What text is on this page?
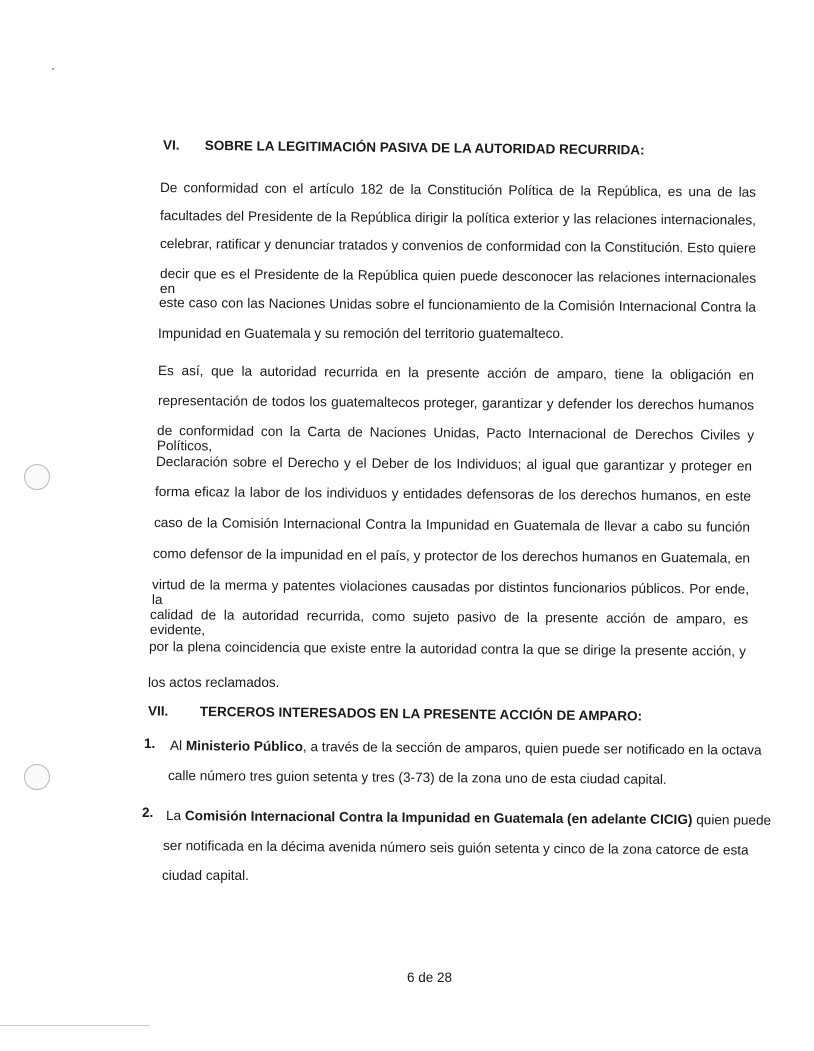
VI. SOBRE LA LEGITIMACIÓN PASIVA DE LA AUTORIDAD RECURRIDA:
De conformidad con el artículo 182 de la Constitución Política de la República, es una de las
facultades del Presidente de la República dirigir la política exterior y las relaciones internacionales,
celebrar, ratificar y denunciar tratados y convenios de conformidad con la Constitución. Esto quiere
decir que es el Presidente de la República quien puede desconocer las relaciones internacionales en
este caso con las Naciones Unidas sobre el funcionamiento de la Comisión Internacional Contra la
Impunidad en Guatemala y su remoción del territorio guatemalteco.
Es así, que la autoridad recurrida en la presente acción de amparo, tiene la obligación en
representación de todos los guatemaltecos proteger, garantizar y defender los derechos humanos
de conformidad con la Carta de Naciones Unidas, Pacto Internacional de Derechos Civiles y Políticos,
Declaración sobre el Derecho y el Deber de los Individuos; al igual que garantizar y proteger en
forma eficaz la labor de los individuos y entidades defensoras de los derechos humanos, en este
caso de la Comisión Internacional Contra la Impunidad en Guatemala de llevar a cabo su función
como defensor de la impunidad en el país, y protector de los derechos humanos en Guatemala, en
virtud de la merma y patentes violaciones causadas por distintos funcionarios públicos. Por ende, la
calidad de la autoridad recurrida, como sujeto pasivo de la presente acción de amparo, es evidente,
por la plena coincidencia que existe entre la autoridad contra la que se dirige la presente acción, y
los actos reclamados.
VII. TERCEROS INTERESADOS EN LA PRESENTE ACCIÓN DE AMPARO:
1. Al Ministerio Público, a través de la sección de amparos, quien puede ser notificado en la octava
calle número tres guion setenta y tres (3-73) de la zona uno de esta ciudad capital.
2. La Comisión Internacional Contra la Impunidad en Guatemala (en adelante CICIG) quien puede
ser notificada en la décima avenida número seis guión setenta y cinco de la zona catorce de esta
ciudad capital.
6 de 28
